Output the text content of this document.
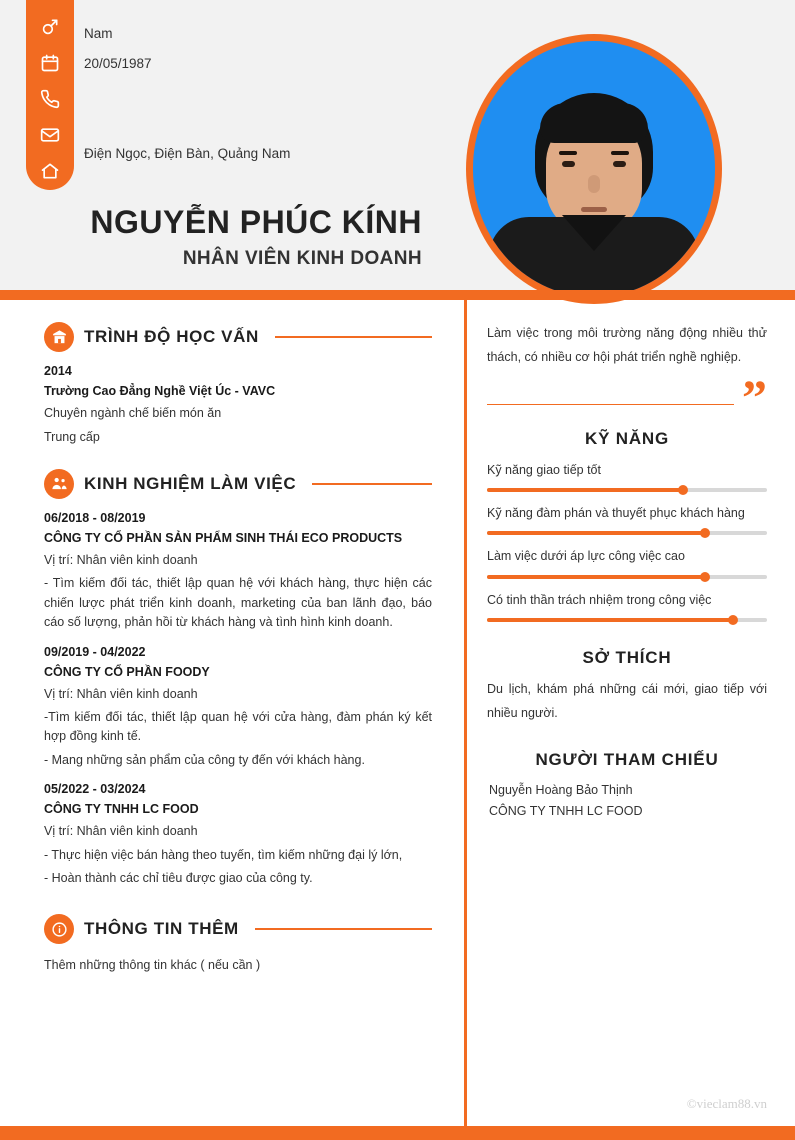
Nam
20/05/1987
Điện Ngọc, Điện Bàn, Quảng Nam
NGUYỄN PHÚC KÍNH
NHÂN VIÊN KINH DOANH
TRÌNH ĐỘ HỌC VẤN
2014
Trường Cao Đẳng Nghề Việt Úc - VAVC
Chuyên ngành chế biến món ăn
Trung cấp
KINH NGHIỆM LÀM VIỆC
06/2018 - 08/2019
CÔNG TY CỔ PHẦN SẢN PHẨM SINH THÁI ECO PRODUCTS
Vị trí: Nhân viên kinh doanh
- Tìm kiếm đối tác, thiết lập quan hệ với khách hàng, thực hiện các chiến lược phát triển kinh doanh, marketing của ban lãnh đạo, báo cáo số lượng, phản hồi từ khách hàng và tình hình kinh doanh.
09/2019 - 04/2022
CÔNG TY CỔ PHẦN FOODY
Vị trí: Nhân viên kinh doanh
-Tìm kiếm đối tác, thiết lập quan hệ với cửa hàng, đàm phán ký kết hợp đồng kinh tế.
- Mang những sản phẩm của công ty đến với khách hàng.
05/2022 - 03/2024
CÔNG TY TNHH LC FOOD
Vị trí: Nhân viên kinh doanh
- Thực hiện việc bán hàng theo tuyến, tìm kiếm những đại lý lớn,
- Hoàn thành các chỉ tiêu được giao của công ty.
THÔNG TIN THÊM
Thêm những thông tin khác ( nếu cần )
Làm việc trong môi trường năng động nhiều thử thách, có nhiều cơ hội phát triển nghề nghiệp.
”
KỸ NĂNG
Kỹ năng giao tiếp tốt
Kỹ năng đàm phán và thuyết phục khách hàng
Làm việc dưới áp lực công việc cao
Có tinh thần trách nhiệm trong công việc
SỞ THÍCH
Du lịch, khám phá những cái mới, giao tiếp với nhiều người.
NGƯỜI THAM CHIẾU
Nguyễn Hoàng Bảo Thịnh
CÔNG TY TNHH LC FOOD
©vieclam88.vn
